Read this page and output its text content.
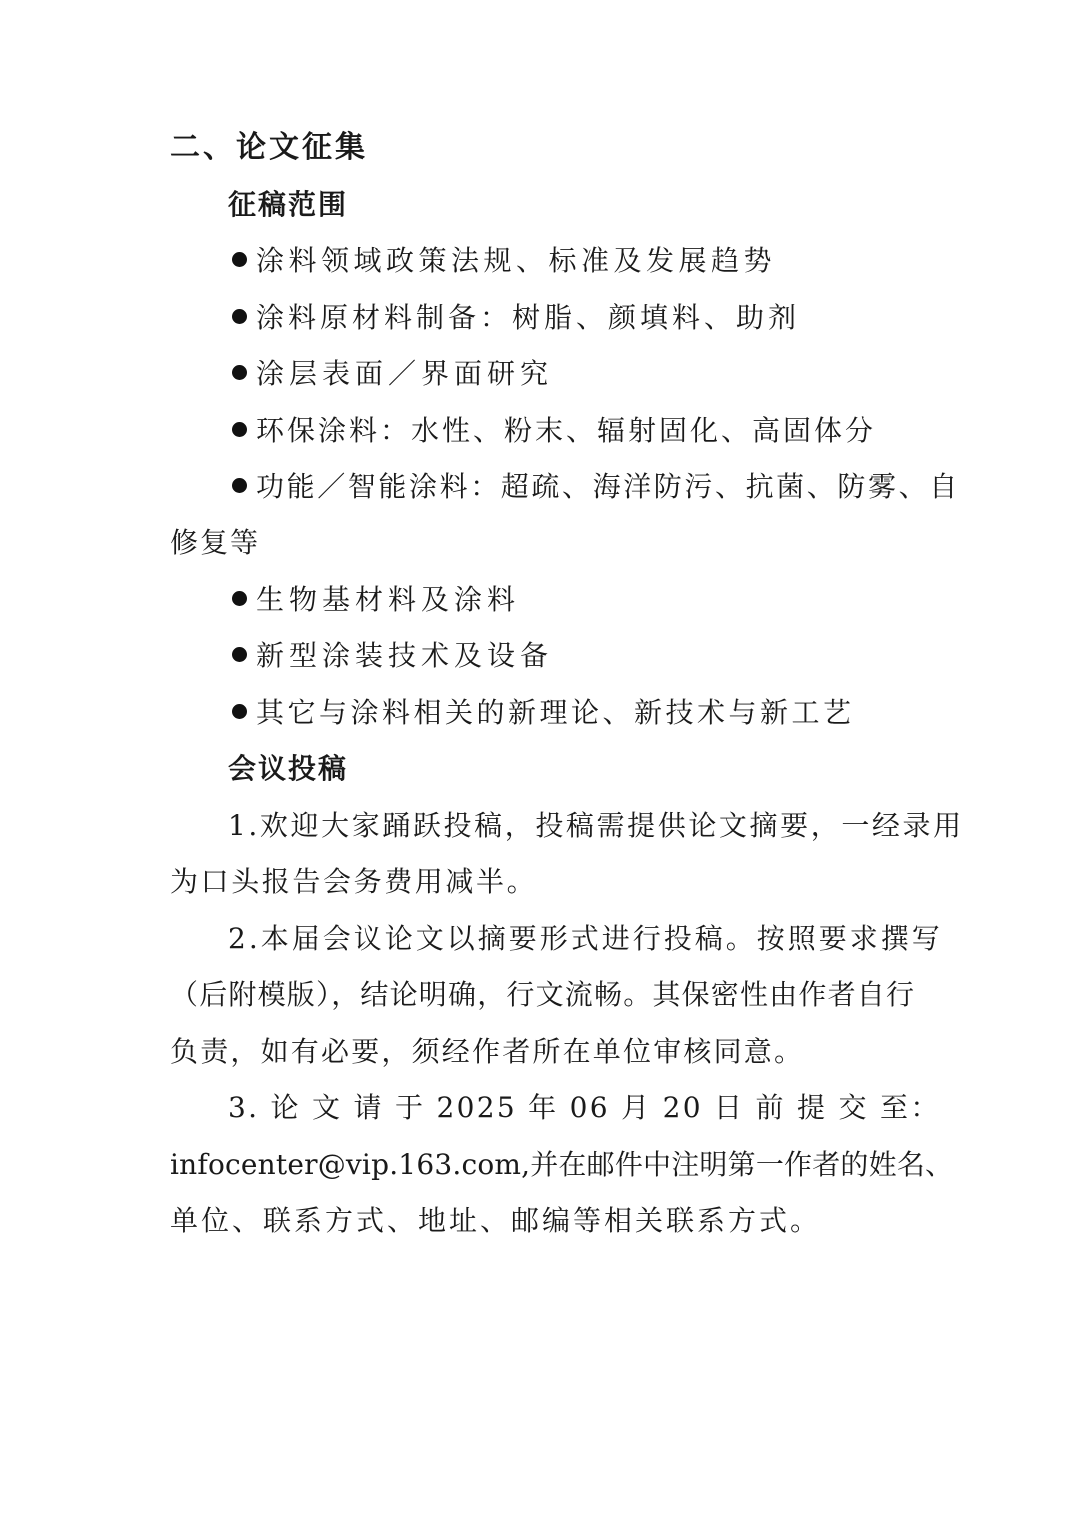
二、论文征集
征稿范围
涂料领域政策法规、标准及发展趋势
涂料原材料制备：树脂、颜填料、助剂
涂层表面／界面研究
环保涂料：水性、粉末、辐射固化、高固体分
功能／智能涂料：超疏、海洋防污、抗菌、防雾、自
修复等
生物基材料及涂料
新型涂装技术及设备
其它与涂料相关的新理论、新技术与新工艺
会议投稿
1.欢迎大家踊跃投稿，投稿需提供论文摘要，一经录用
为口头报告会务费用减半。
2.本届会议论文以摘要形式进行投稿。按照要求撰写
（后附模版），结论明确，行文流畅。其保密性由作者自行
负责，如有必要，须经作者所在单位审核同意。
3. 论 文 请 于 2025 年 06 月 20 日 前 提 交 至：
infocenter@vip.163.com,并在邮件中注明第一作者的姓名、
单位、联系方式、地址、邮编等相关联系方式。
